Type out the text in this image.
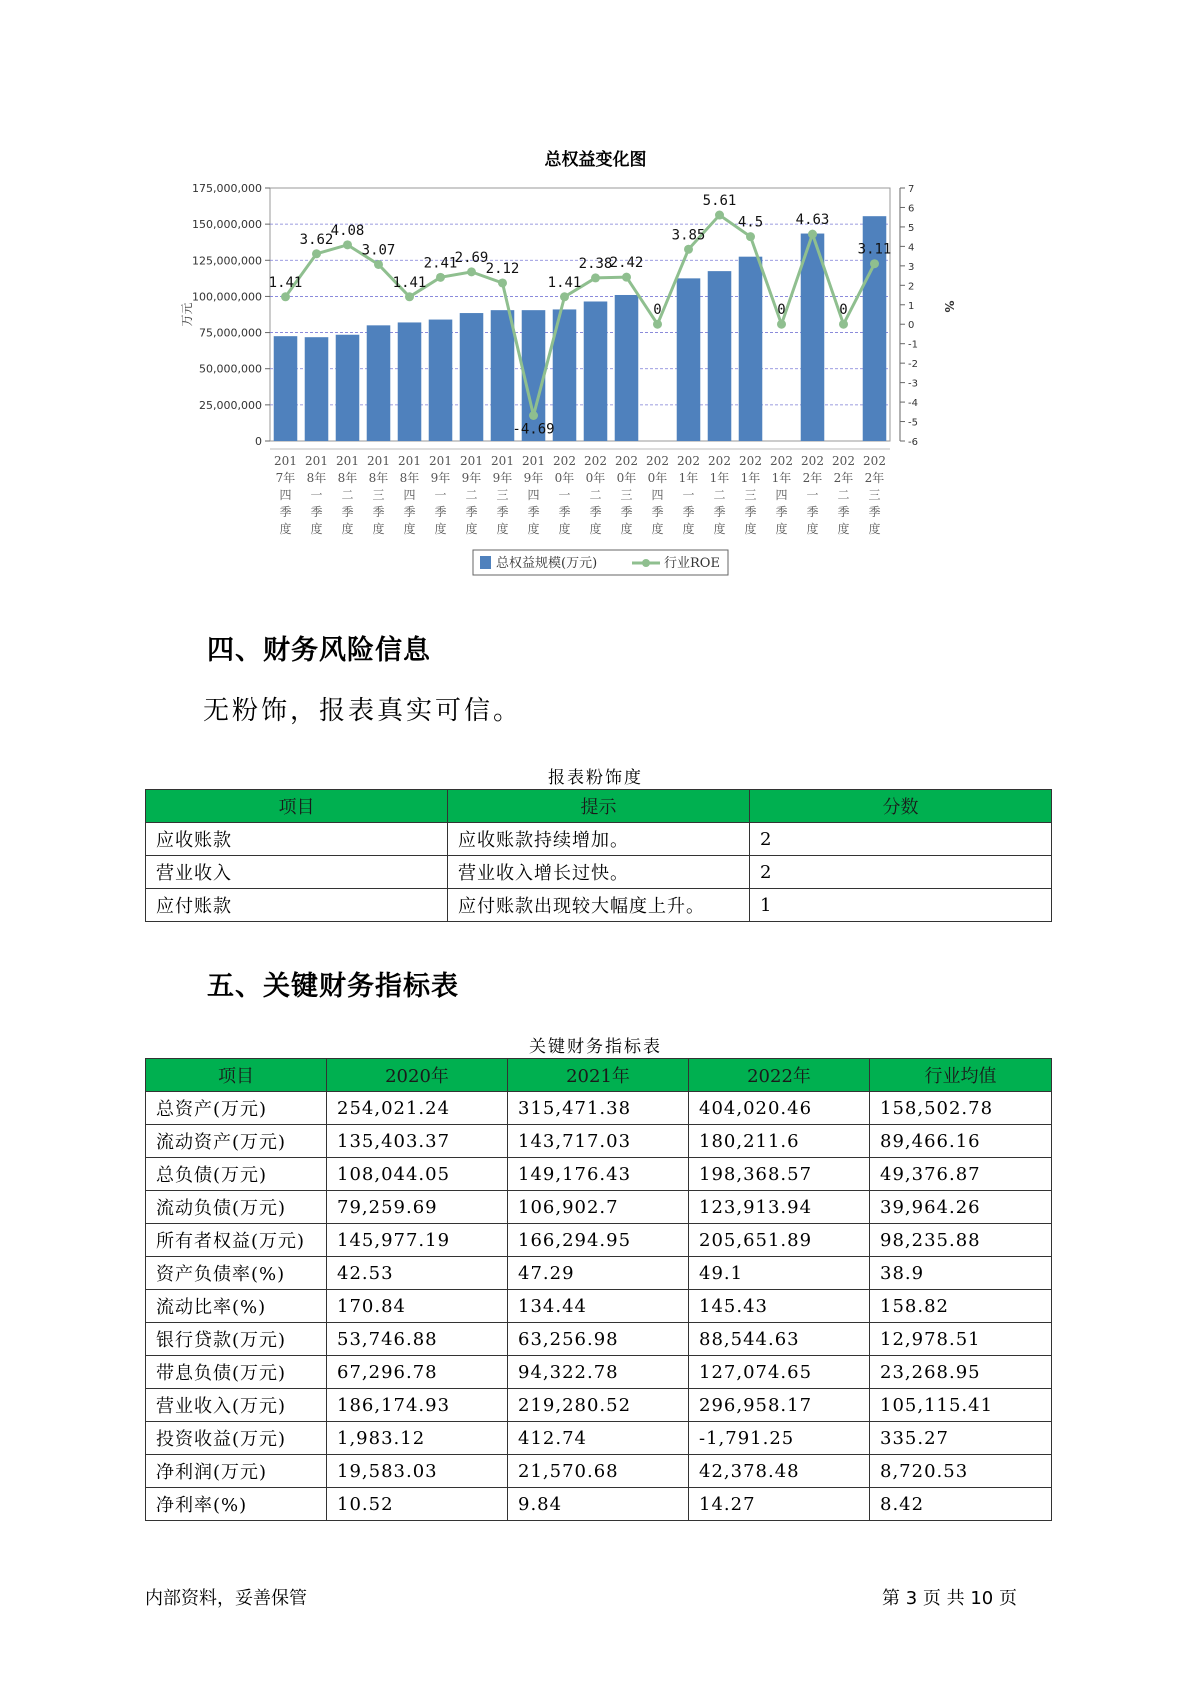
总权益变化图
0
25,000,000
50,000,000
75,000,000
100,000,000
125,000,000
150,000,000
175,000,000
-6
-5
-4
-3
-2
-1
0
1
2
3
4
5
6
7
万元	%
1.41
3.62
4.08
3.07
1.41
2.41
2.69
2.12
-4.69
1.41
2.38
2.42
0
3.85
5.61
4.5
0
4.63
0
3.11
201
7年
四
季
度
201
8年
一
季
度
201
8年
二
季
度
201
8年
三
季
度
201
8年
四
季
度
201
9年
一
季
度
201
9年
二
季
度
201
9年
三
季
度
201
9年
四
季
度
202
0年
一
季
度
202
0年
二
季
度
202
0年
三
季
度
202
0年
四
季
度
202
1年
一
季
度
202
1年
二
季
度
202
1年
三
季
度
202
1年
四
季
度
202
2年
一
季
度
202
2年
二
季
度
202
2年
三
季
度
总权益规模(万元)	行业ROE
四、财务风险信息
无粉饰，报表真实可信。
报表粉饰度
项目	提示	分数
应收账款	应收账款持续增加。	2
营业收入	营业收入增长过快。	2
应付账款	应付账款出现较大幅度上升。	1
五、关键财务指标表
关键财务指标表
项目	2020年	2021年	2022年	行业均值
总资产(万元)	254,021.24	315,471.38	404,020.46	158,502.78
流动资产(万元)	135,403.37	143,717.03	180,211.6	89,466.16
总负债(万元)	108,044.05	149,176.43	198,368.57	49,376.87
流动负债(万元)	79,259.69	106,902.7	123,913.94	39,964.26
所有者权益(万元)	145,977.19	166,294.95	205,651.89	98,235.88
资产负债率(%)	42.53	47.29	49.1	38.9
流动比率(%)	170.84	134.44	145.43	158.82
银行贷款(万元)	53,746.88	63,256.98	88,544.63	12,978.51
带息负债(万元)	67,296.78	94,322.78	127,074.65	23,268.95
营业收入(万元)	186,174.93	219,280.52	296,958.17	105,115.41
投资收益(万元)	1,983.12	412.74	-1,791.25	335.27
净利润(万元)	19,583.03	21,570.68	42,378.48	8,720.53
净利率(%)	10.52	9.84	14.27	8.42
内部资料，妥善保管	第 3 页 共 10 页
